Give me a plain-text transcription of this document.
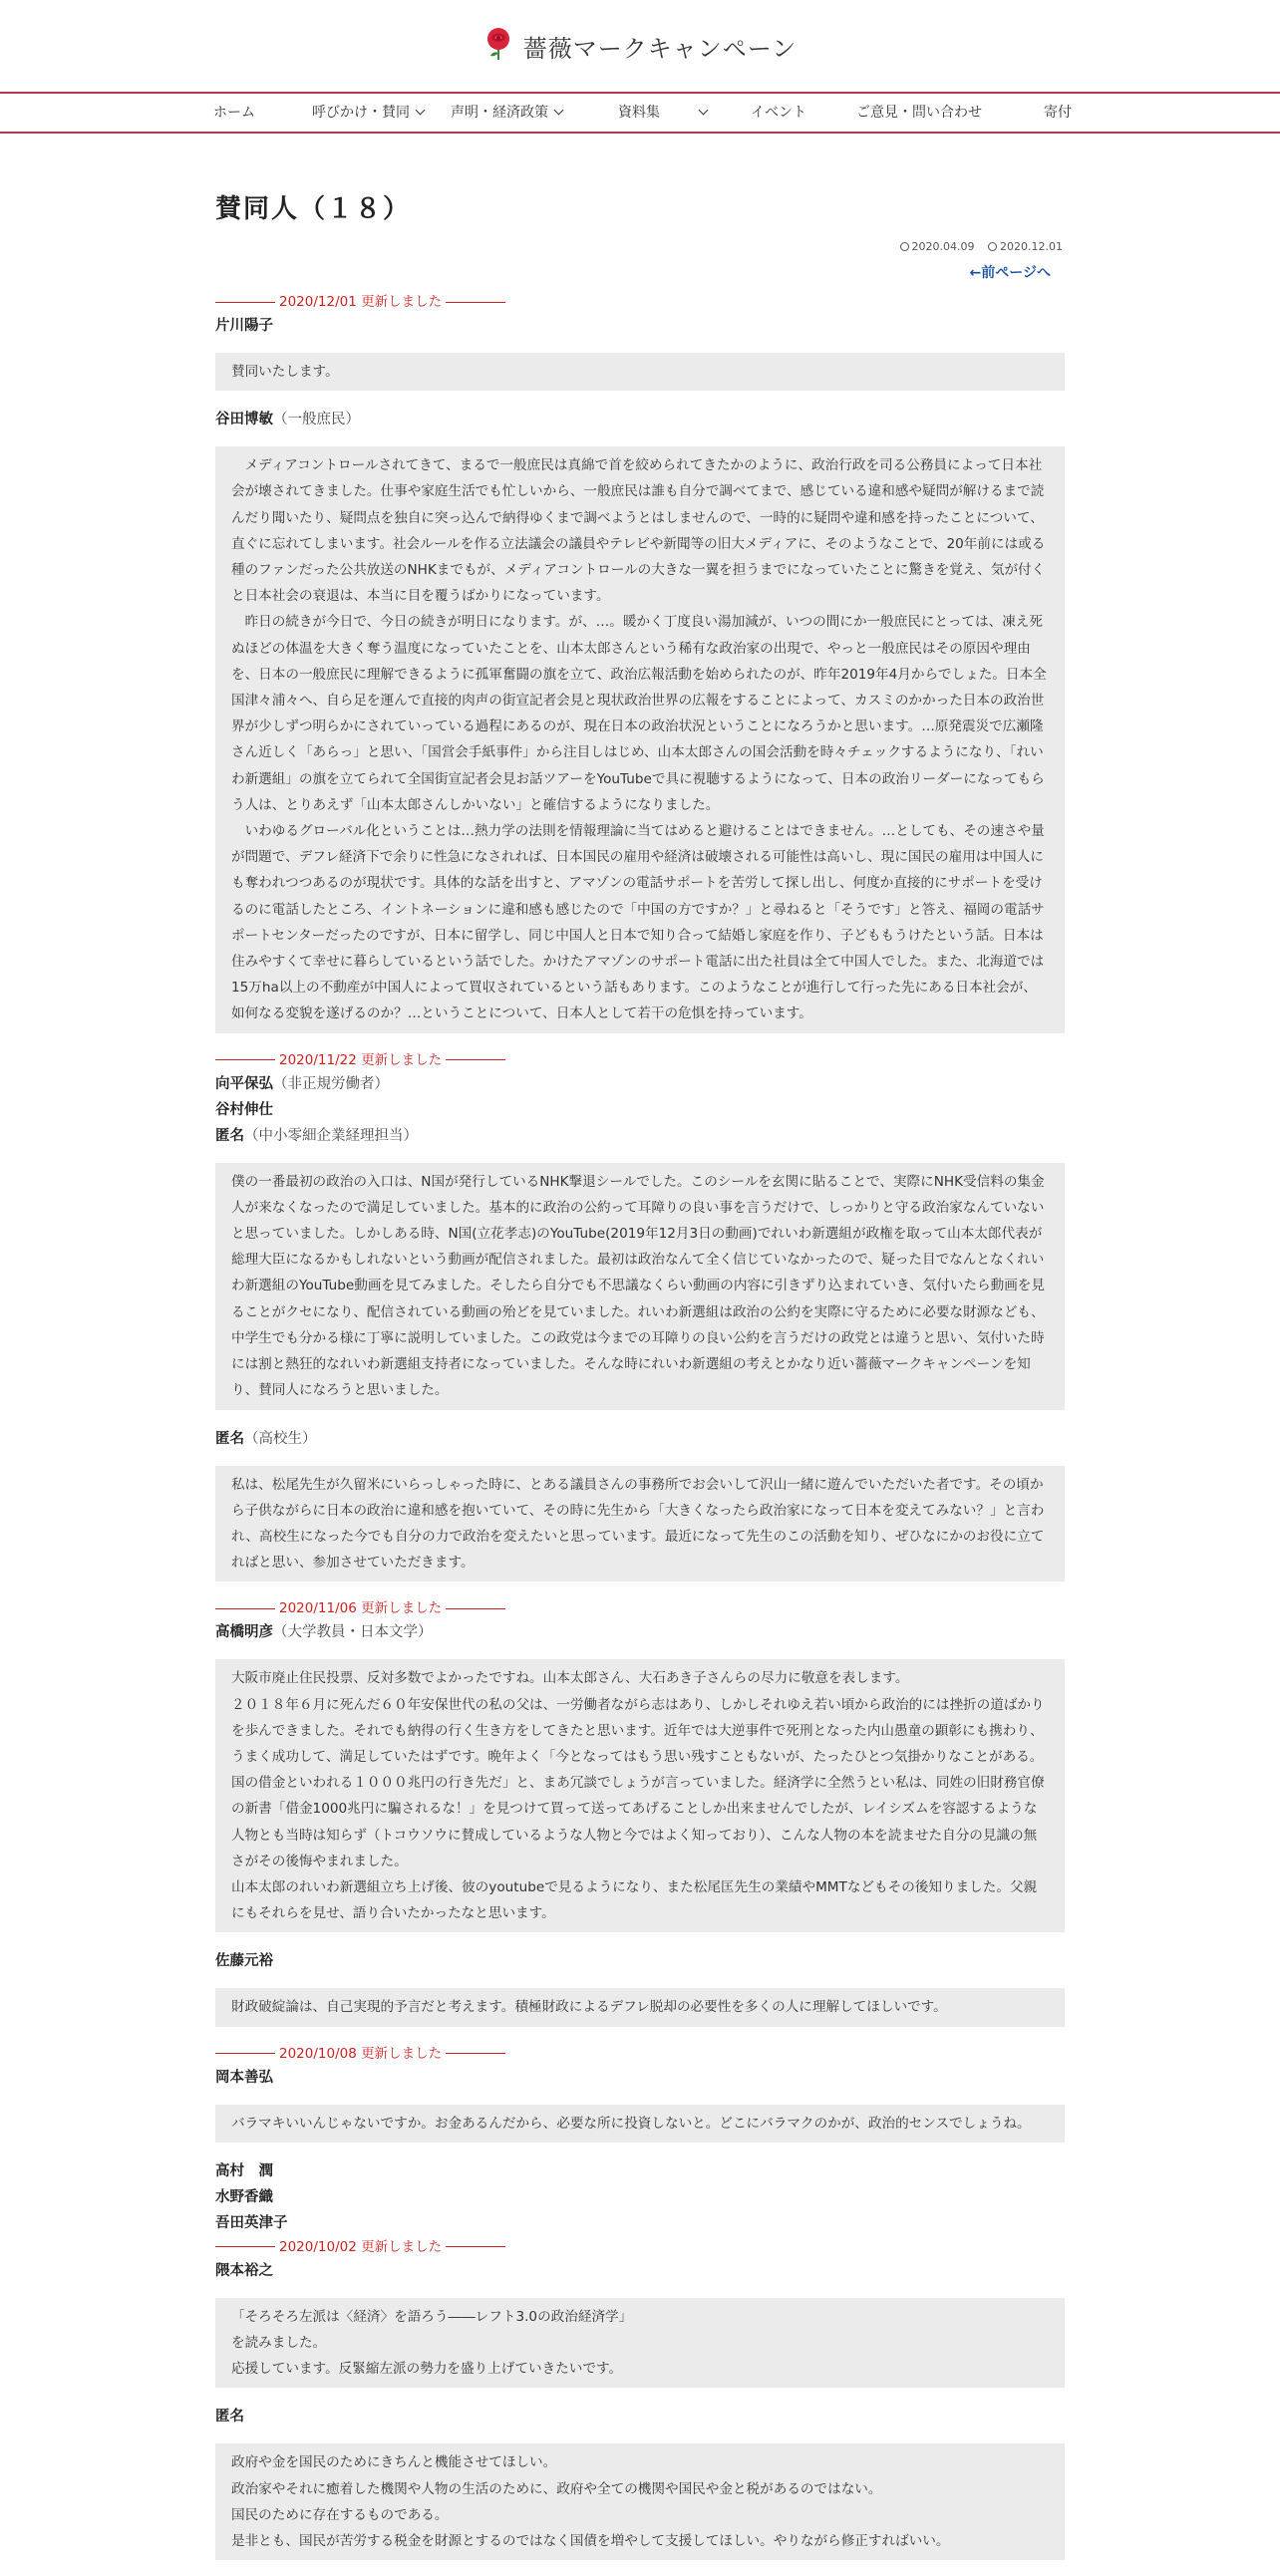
薔薇マークキャンペーン
ホーム	呼びかけ・賛同	声明・経済政策	資料集	イベント	ご意見・問い合わせ	寄付
賛同人（１８）
2020.04.09 2020.12.01
←前ページへ
2020/12/01 更新しました
片川陽子

賛同いたします。

谷田博敏（一般庶民）

　メディアコントロールされてきて、まるで一般庶民は真綿で首を絞められてきたかのように、政治行政を司る公務員によって日本社会が壊されてきました。仕事や家庭生活でも忙しいから、一般庶民は誰も自分で調べてまで、感じている違和感や疑問が解けるまで読んだり聞いたり、疑問点を独自に突っ込んで納得ゆくまで調べようとはしませんので、一時的に疑問や違和感を持ったことについて、直ぐに忘れてしまいます。社会ルールを作る立法議会の議員やテレビや新聞等の旧大メディアに、そのようなことで、20年前には或る種のファンだった公共放送のNHKまでもが、メディアコントロールの大きな一翼を担うまでになっていたことに驚きを覚え、気が付くと日本社会の衰退は、本当に目を覆うばかりになっています。

　昨日の続きが今日で、今日の続きが明日になります。が、…。暖かく丁度良い湯加減が、いつの間にか一般庶民にとっては、凍え死ぬほどの体温を大きく奪う温度になっていたことを、山本太郎さんという稀有な政治家の出現で、やっと一般庶民はその原因や理由を、日本の一般庶民に理解できるように孤軍奮闘の旗を立て、政治広報活動を始められたのが、昨年2019年4月からでしょた。日本全国津々浦々へ、自ら足を運んで直接的肉声の街宣記者会見と現状政治世界の広報をすることによって、カスミのかかった日本の政治世界が少しずつ明らかにされていっている過程にあるのが、現在日本の政治状況ということになろうかと思います。…原発震災で広瀬隆さん近しく「あらっ」と思い、「国営会手紙事件」から注目しはじめ、山本太郎さんの国会活動を時々チェックするようになり、「れいわ新選組」の旗を立てられて全国街宣記者会見お話ツアーをYouTubeで具に視聴するようになって、日本の政治リーダーになってもらう人は、とりあえず「山本太郎さんしかいない」と確信するようになりました。

　いわゆるグローバル化ということは…熱力学の法則を情報理論に当てはめると避けることはできません。…としても、その速さや量が問題で、デフレ経済下で余りに性急になされれば、日本国民の雇用や経済は破壊される可能性は高いし、現に国民の雇用は中国人にも奪われつつあるのが現状です。具体的な話を出すと、アマゾンの電話サポートを苦労して探し出し、何度か直接的にサポートを受けるのに電話したところ、イントネーションに違和感も感じたので「中国の方ですか？」と尋ねると「そうです」と答え、福岡の電話サポートセンターだったのですが、日本に留学し、同じ中国人と日本で知り合って結婚し家庭を作り、子どももうけたという話。日本は住みやすくて幸せに暮らしているという話でした。かけたアマゾンのサポート電話に出た社員は全て中国人でした。また、北海道では15万ha以上の不動産が中国人によって買収されているという話もあります。このようなことが進行して行った先にある日本社会が、如何なる変貌を遂げるのか？…ということについて、日本人として若干の危惧を持っています。

2020/11/22 更新しました
向平保弘（非正規労働者）
谷村伸仕
匿名（中小零細企業経理担当）

僕の一番最初の政治の入口は、N国が発行しているNHK撃退シールでした。このシールを玄関に貼ることで、実際にNHK受信料の集金人が来なくなったので満足していました。基本的に政治の公約って耳障りの良い事を言うだけで、しっかりと守る政治家なんていないと思っていました。しかしある時、N国(立花孝志)のYouTube(2019年12月3日の動画)でれいわ新選組が政権を取って山本太郎代表が総理大臣になるかもしれないという動画が配信されました。最初は政治なんて全く信じていなかったので、疑った目でなんとなくれいわ新選組のYouTube動画を見てみました。そしたら自分でも不思議なくらい動画の内容に引きずり込まれていき、気付いたら動画を見ることがクセになり、配信されている動画の殆どを見ていました。れいわ新選組は政治の公約を実際に守るために必要な財源なども、中学生でも分かる様に丁寧に説明していました。この政党は今までの耳障りの良い公約を言うだけの政党とは違うと思い、気付いた時には割と熱狂的なれいわ新選組支持者になっていました。そんな時にれいわ新選組の考えとかなり近い薔薇マークキャンペーンを知り、賛同人になろうと思いました。

匿名（高校生）

私は、松尾先生が久留米にいらっしゃった時に、とある議員さんの事務所でお会いして沢山一緒に遊んでいただいた者です。その頃から子供ながらに日本の政治に違和感を抱いていて、その時に先生から「大きくなったら政治家になって日本を変えてみない？」と言われ、高校生になった今でも自分の力で政治を変えたいと思っています。最近になって先生のこの活動を知り、ぜひなにかのお役に立てればと思い、参加させていただきます。

2020/11/06 更新しました
高橋明彦（大学教員・日本文学）

大阪市廃止住民投票、反対多数でよかったですね。山本太郎さん、大石あき子さんらの尽力に敬意を表します。

２０１８年６月に死んだ６０年安保世代の私の父は、一労働者ながら志はあり、しかしそれゆえ若い頃から政治的には挫折の道ばかりを歩んできました。それでも納得の行く生き方をしてきたと思います。近年では大逆事件で死刑となった内山愚童の顕彰にも携わり、うまく成功して、満足していたはずです。晩年よく「今となってはもう思い残すこともないが、たったひとつ気掛かりなことがある。国の借金といわれる１０００兆円の行き先だ」と、まあ冗談でしょうが言っていました。経済学に全然うとい私は、同姓の旧財務官僚の新書「借金1000兆円に騙されるな！」を見つけて買って送ってあげることしか出来ませんでしたが、レイシズムを容認するような人物とも当時は知らず（トコウソウに賛成しているような人物と今ではよく知っており）、こんな人物の本を読ませた自分の見識の無さがその後悔やまれました。

山本太郎のれいわ新選組立ち上げ後、彼のyoutubeで見るようになり、また松尾匡先生の業績やMMTなどもその後知りました。父親にもそれらを見せ、語り合いたかったなと思います。

佐藤元裕

財政破綻論は、自己実現的予言だと考えます。積極財政によるデフレ脱却の必要性を多くの人に理解してほしいです。

2020/10/08 更新しました
岡本善弘

バラマキいいんじゃないですか。お金あるんだから、必要な所に投資しないと。どこにバラマクのかが、政治的センスでしょうね。

高村　潤
水野香織
吾田英津子
2020/10/02 更新しました
隈本裕之

「そろそろ左派は〈経済〉を語ろう――レフト3.0の政治経済学」

を読みました。

応援しています。反緊縮左派の勢力を盛り上げていきたいです。

匿名

政府や金を国民のためにきちんと機能させてほしい。

政治家やそれに癒着した機関や人物の生活のために、政府や全ての機関や国民や金と税があるのではない。

国民のために存在するものである。

是非とも、国民が苦労する税金を財源とするのではなく国債を増やして支援してほしい。やりながら修正すればいい。
